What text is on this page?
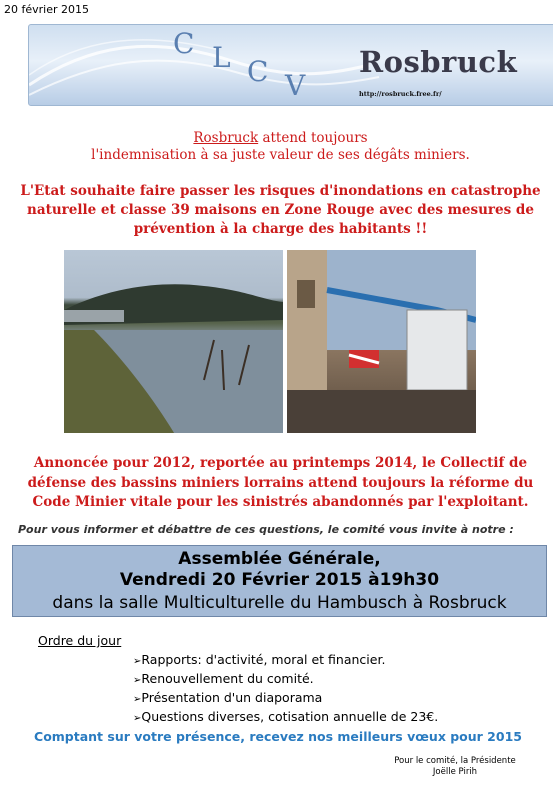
20 février 2015
C L C V
Rosbruck
http://rosbruck.free.fr/
Rosbruck attend toujours
l'indemnisation à sa juste valeur de ses dégâts miniers.
L'Etat souhaite faire passer les risques d'inondations en catastrophe
naturelle et classe 39 maisons en Zone Rouge avec des mesures de
prévention à la charge des habitants !!
Annoncée pour 2012, reportée au printemps 2014, le Collectif de
défense des bassins miniers lorrains attend toujours la réforme du
Code Minier vitale pour les sinistrés abandonnés par l'exploitant.
Pour vous informer et débattre de ces questions, le comité vous invite à notre :
Assemblée Générale,
Vendredi 20 Février 2015 à19h30
dans la salle Multiculturelle du Hambusch à Rosbruck
Ordre du jour
➢ Rapports: d'activité, moral et financier.
➢ Renouvellement du comité.
➢ Présentation d'un diaporama
➢ Questions diverses, cotisation annuelle de 23€.
Comptant sur votre présence, recevez nos meilleurs vœux pour 2015
Pour le comité, la Présidente
Joëlle Pirih
